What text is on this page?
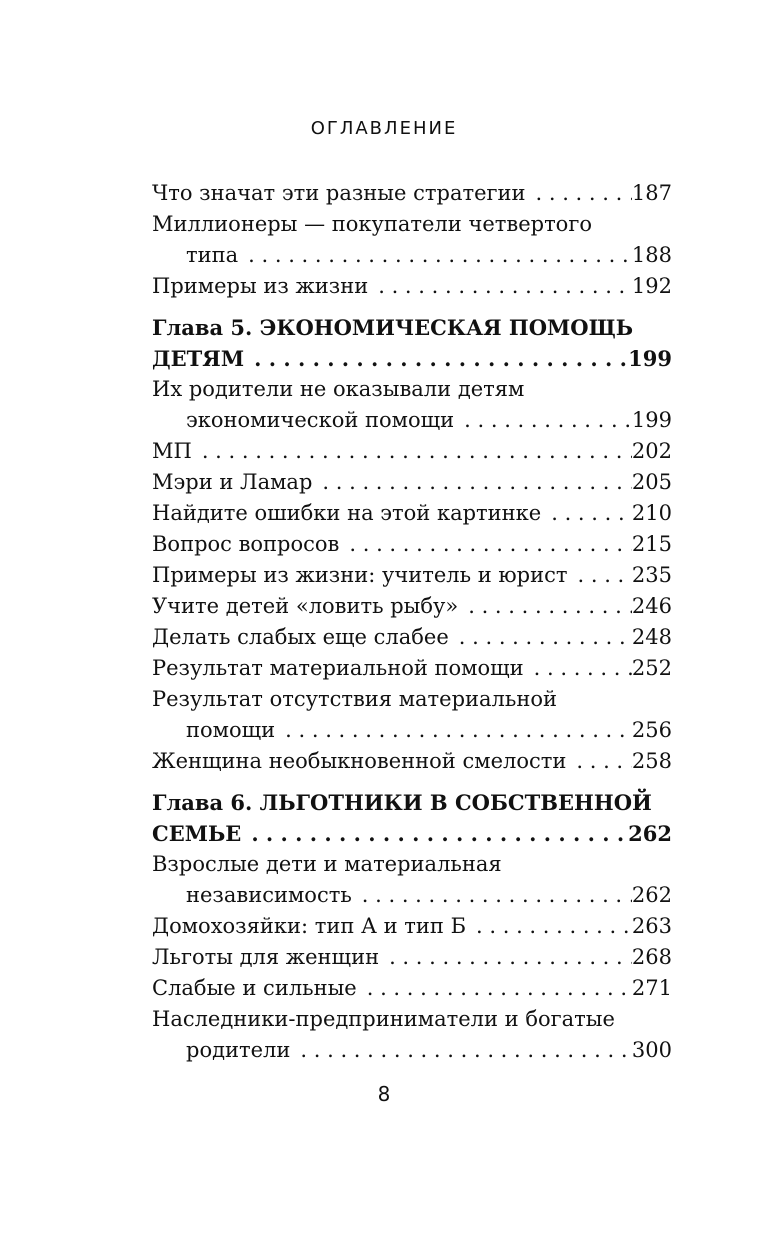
ОГЛАВЛЕНИЕ
Что значат эти разные стратегии . . .	187
Миллионеры — покупатели четвертого
типа . . .	188
Примеры из жизни . . .	192
Глава 5. ЭКОНОМИЧЕСКАЯ ПОМОЩЬ
ДЕТЯМ . . .	199
Их родители не оказывали детям
экономической помощи . . .	199
МП . . .	202
Мэри и Ламар . . .	205
Найдите ошибки на этой картинке . . .	210
Вопрос вопросов . . .	215
Примеры из жизни: учитель и юрист . . .	235
Учите детей «ловить рыбу» . . .	246
Делать слабых еще слабее . . .	248
Результат материальной помощи . . .	252
Результат отсутствия материальной
помощи . . .	256
Женщина необыкновенной смелости . . .	258
Глава 6. ЛЬГОТНИКИ В СОБСТВЕННОЙ
СЕМЬЕ . . .	262
Взрослые дети и материальная
независимость . . .	262
Домохозяйки: тип А и тип Б . . .	263
Льготы для женщин . . .	268
Слабые и сильные . . .	271
Наследники-предприниматели и богатые
родители . . .	300
8
